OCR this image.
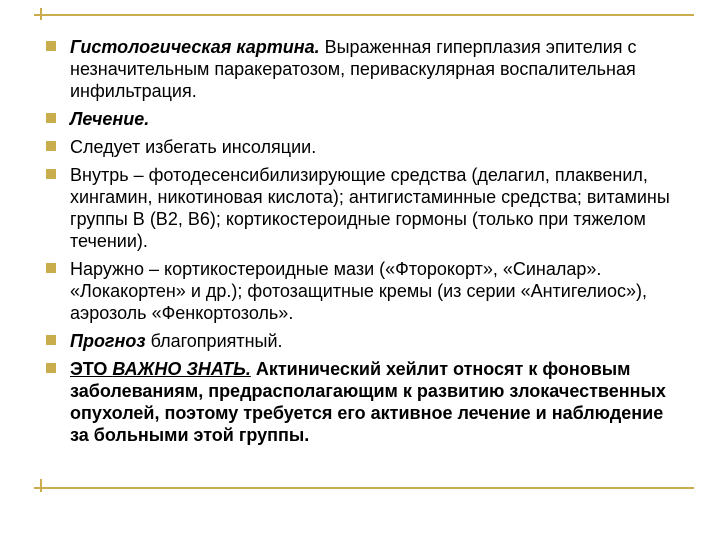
Гистологическая картина. Выраженная гиперплазия эпителия с незначительным паракератозом, периваскулярная воспалительная инфильтрация.
Лечение.
Следует избегать инсоляции.
Внутрь – фотодесенсибилизирующие средства (делагил, плаквенил, хингамин, никотиновая кислота); антигистаминные средства; витамины группы В (В2, В6); кортикостероидные гормоны (только при тяжелом течении).
Наружно – кортикостероидные мази («Фторокорт», «Синалар». «Локакортен» и др.); фотозащитные кремы (из серии «Антигелиос»), аэрозоль «Фенкортозоль».
Прогноз благоприятный.
ЭТО ВАЖНО ЗНАТЬ. Актинический хейлит относят к фоновым заболеваниям, предрасполагающим к развитию злокачественных опухолей, поэтому требуется его активное лечение и наблюдение за больными этой группы.
